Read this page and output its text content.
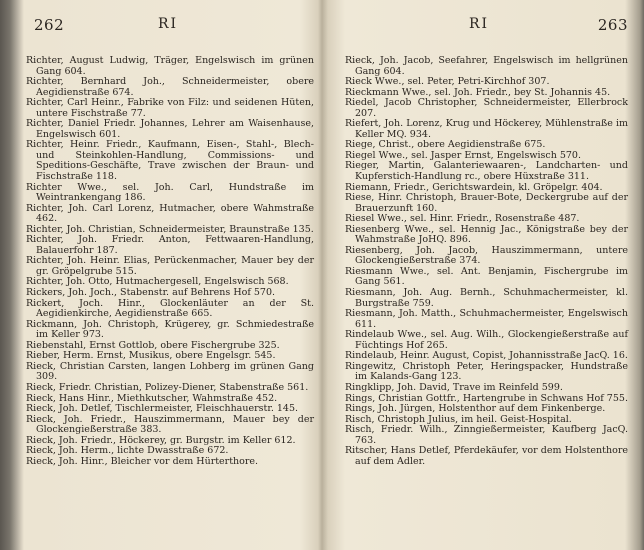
262	RI

Richter, August Ludwig, Träger, Engelswisch im grünen Gang 604.

Richter, Bernhard Joh., Schneidermeister, obere Aegidienstraße 674.

Richter, Carl Heinr., Fabrike von Filz: und seidenen Hüten, untere Fischstraße 77.

Richter, Daniel Friedr. Johannes, Lehrer am Waisenhause, Engelswisch 601.

Richter, Heinr. Friedr., Kaufmann, Eisen-, Stahl-, Blech- und Steinkohlen-Handlung, Commissions- und Speditions-Geschäfte, Trave zwischen der Braun- und Fischstraße 118.

Richter Wwe., sel. Joh. Carl, Hundstraße im Weintrankengang 186.

Richter, Joh. Carl Lorenz, Hutmacher, obere Wahmstraße 462.

Richter, Joh. Christian, Schneidermeister, Braunstraße 135.

Richter, Joh. Friedr. Anton, Fettwaaren-Handlung, Balauerfohr 187.

Richter, Joh. Heinr. Elias, Perückenmacher, Mauer bey der gr. Gröpelgrube 515.

Richter, Joh. Otto, Hutmachergesell, Engelswisch 568.

Rickers, Joh. Joch., Stabenstr. auf Behrens Hof 570.

Rickert, Joch. Hinr., Glockenläuter an der St. Aegidienkirche, Aegidienstraße 665.

Rickmann, Joh. Christoph, Krügerey, gr. Schmiedestraße im Keller 973.

Riebenstahl, Ernst Gottlob, obere Fischergrube 325.

Rieber, Herm. Ernst, Musikus, obere Engelsgr. 545.

Rieck, Christian Carsten, langen Lohberg im grünen Gang 309.

Rieck, Friedr. Christian, Polizey-Diener, Stabenstraße 561.

Rieck, Hans Hinr., Miethkutscher, Wahmstraße 452.

Rieck, Joh. Detlef, Tischlermeister, Fleischhauerstr. 145.

Rieck, Joh. Friedr., Hauszimmermann, Mauer bey der Glockengießerstraße 383.

Rieck, Joh. Friedr., Höckerey, gr. Burgstr. im Keller 612.

Rieck, Joh. Herm., lichte Dwasstraße 672.

Rieck, Joh. Hinr., Bleicher vor dem Hürterthore.

RI	263

Rieck, Joh. Jacob, Seefahrer, Engelswisch im hellgrünen Gang 604.

Rieck Wwe., sel. Peter, Petri-Kirchhof 307.

Rieckmann Wwe., sel. Joh. Friedr., bey St. Johannis 45.

Riedel, Jacob Christopher, Schneidermeister, Ellerbrock 207.

Riefert, Joh. Lorenz, Krug und Höckerey, Mühlenstraße im Keller MQ. 934.

Riege, Christ., obere Aegidienstraße 675.

Riegel Wwe., sel. Jasper Ernst, Engelswisch 570.

Rieger, Martin, Galanteriewaaren-, Landcharten- und Kupferstich-Handlung rc., obere Hüxstraße 311.

Riemann, Friedr., Gerichtswardein, kl. Gröpelgr. 404.

Riese, Hinr. Christoph, Brauer-Bote, Deckergrube auf der Brauerzunft 160.

Riesel Wwe., sel. Hinr. Friedr., Rosenstraße 487.

Riesenberg Wwe., sel. Hennig Jac., Königstraße bey der Wahmstraße JoHQ. 896.

Riesenberg, Joh. Jacob, Hauszimmermann, untere Glockengießerstraße 374.

Riesmann Wwe., sel. Ant. Benjamin, Fischergrube im Gang 561.

Riesmann, Joh. Aug. Bernh., Schuhmachermeister, kl. Burgstraße 759.

Riesmann, Joh. Matth., Schuhmachermeister, Engelswisch 611.

Rindelaub Wwe., sel. Aug. Wilh., Glockengießerstraße auf Füchtings Hof 265.

Rindelaub, Heinr. August, Copist, Johannisstraße JacQ. 16.

Ringewitz, Christoph Peter, Heringspacker, Hundstraße im Kalands-Gang 123.

Ringklipp, Joh. David, Trave im Reinfeld 599.

Rings, Christian Gottfr., Hartengrube in Schwans Hof 755.

Rings, Joh. Jürgen, Holstenthor auf dem Finkenberge.

Risch, Christoph Julius, im heil. Geist-Hospital.

Risch, Friedr. Wilh., Zinngießermeister, Kaufberg JacQ. 763.

Ritscher, Hans Detlef, Pferdekäufer, vor dem Holstenthore auf dem Adler.
